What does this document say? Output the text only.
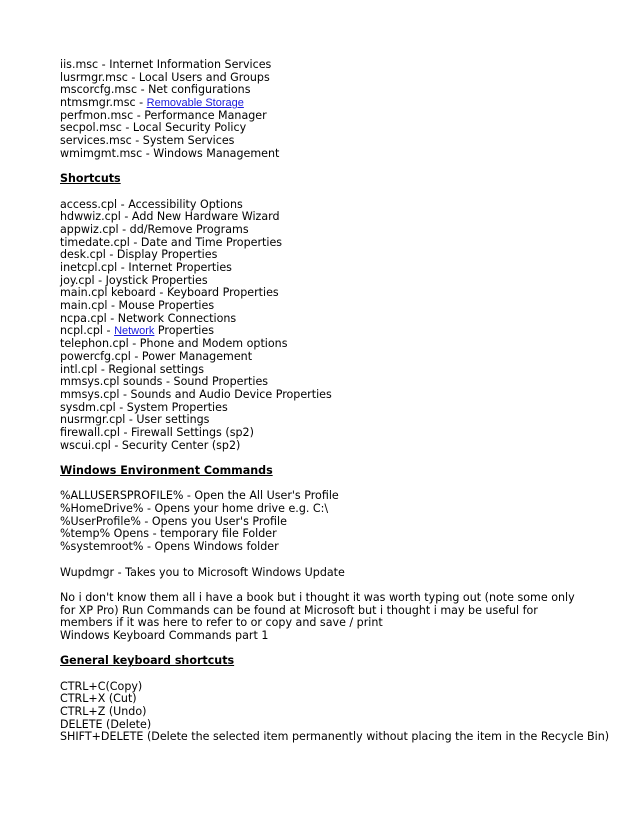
iis.msc - Internet Information Services
lusrmgr.msc - Local Users and Groups
mscorcfg.msc - Net configurations
ntmsmgr.msc - Removable Storage
perfmon.msc - Performance Manager
secpol.msc - Local Security Policy
services.msc - System Services
wmimgmt.msc - Windows Management
Shortcuts
access.cpl - Accessibility Options
hdwwiz.cpl - Add New Hardware Wizard
appwiz.cpl - dd/Remove Programs
timedate.cpl - Date and Time Properties
desk.cpl - Display Properties
inetcpl.cpl - Internet Properties
joy.cpl - Joystick Properties
main.cpl keboard - Keyboard Properties
main.cpl - Mouse Properties
ncpa.cpl - Network Connections
ncpl.cpl - Network Properties
telephon.cpl - Phone and Modem options
powercfg.cpl - Power Management
intl.cpl - Regional settings
mmsys.cpl sounds - Sound Properties
mmsys.cpl - Sounds and Audio Device Properties
sysdm.cpl - System Properties
nusrmgr.cpl - User settings
firewall.cpl - Firewall Settings (sp2)
wscui.cpl - Security Center (sp2)
Windows Environment Commands
%ALLUSERSPROFILE% - Open the All User's Profile
%HomeDrive% - Opens your home drive e.g. C:\
%UserProfile% - Opens you User's Profile
%temp% Opens - temporary file Folder
%systemroot% - Opens Windows folder
Wupdmgr - Takes you to Microsoft Windows Update
No i don't know them all i have a book but i thought it was worth typing out (note some only for XP Pro) Run Commands can be found at Microsoft but i thought i may be useful for members if it was here to refer to or copy and save / print
Windows Keyboard Commands part 1
General keyboard shortcuts
CTRL+C(Copy)
CTRL+X (Cut)
CTRL+Z (Undo)
DELETE (Delete)
SHIFT+DELETE (Delete the selected item permanently without placing the item in the Recycle Bin)
